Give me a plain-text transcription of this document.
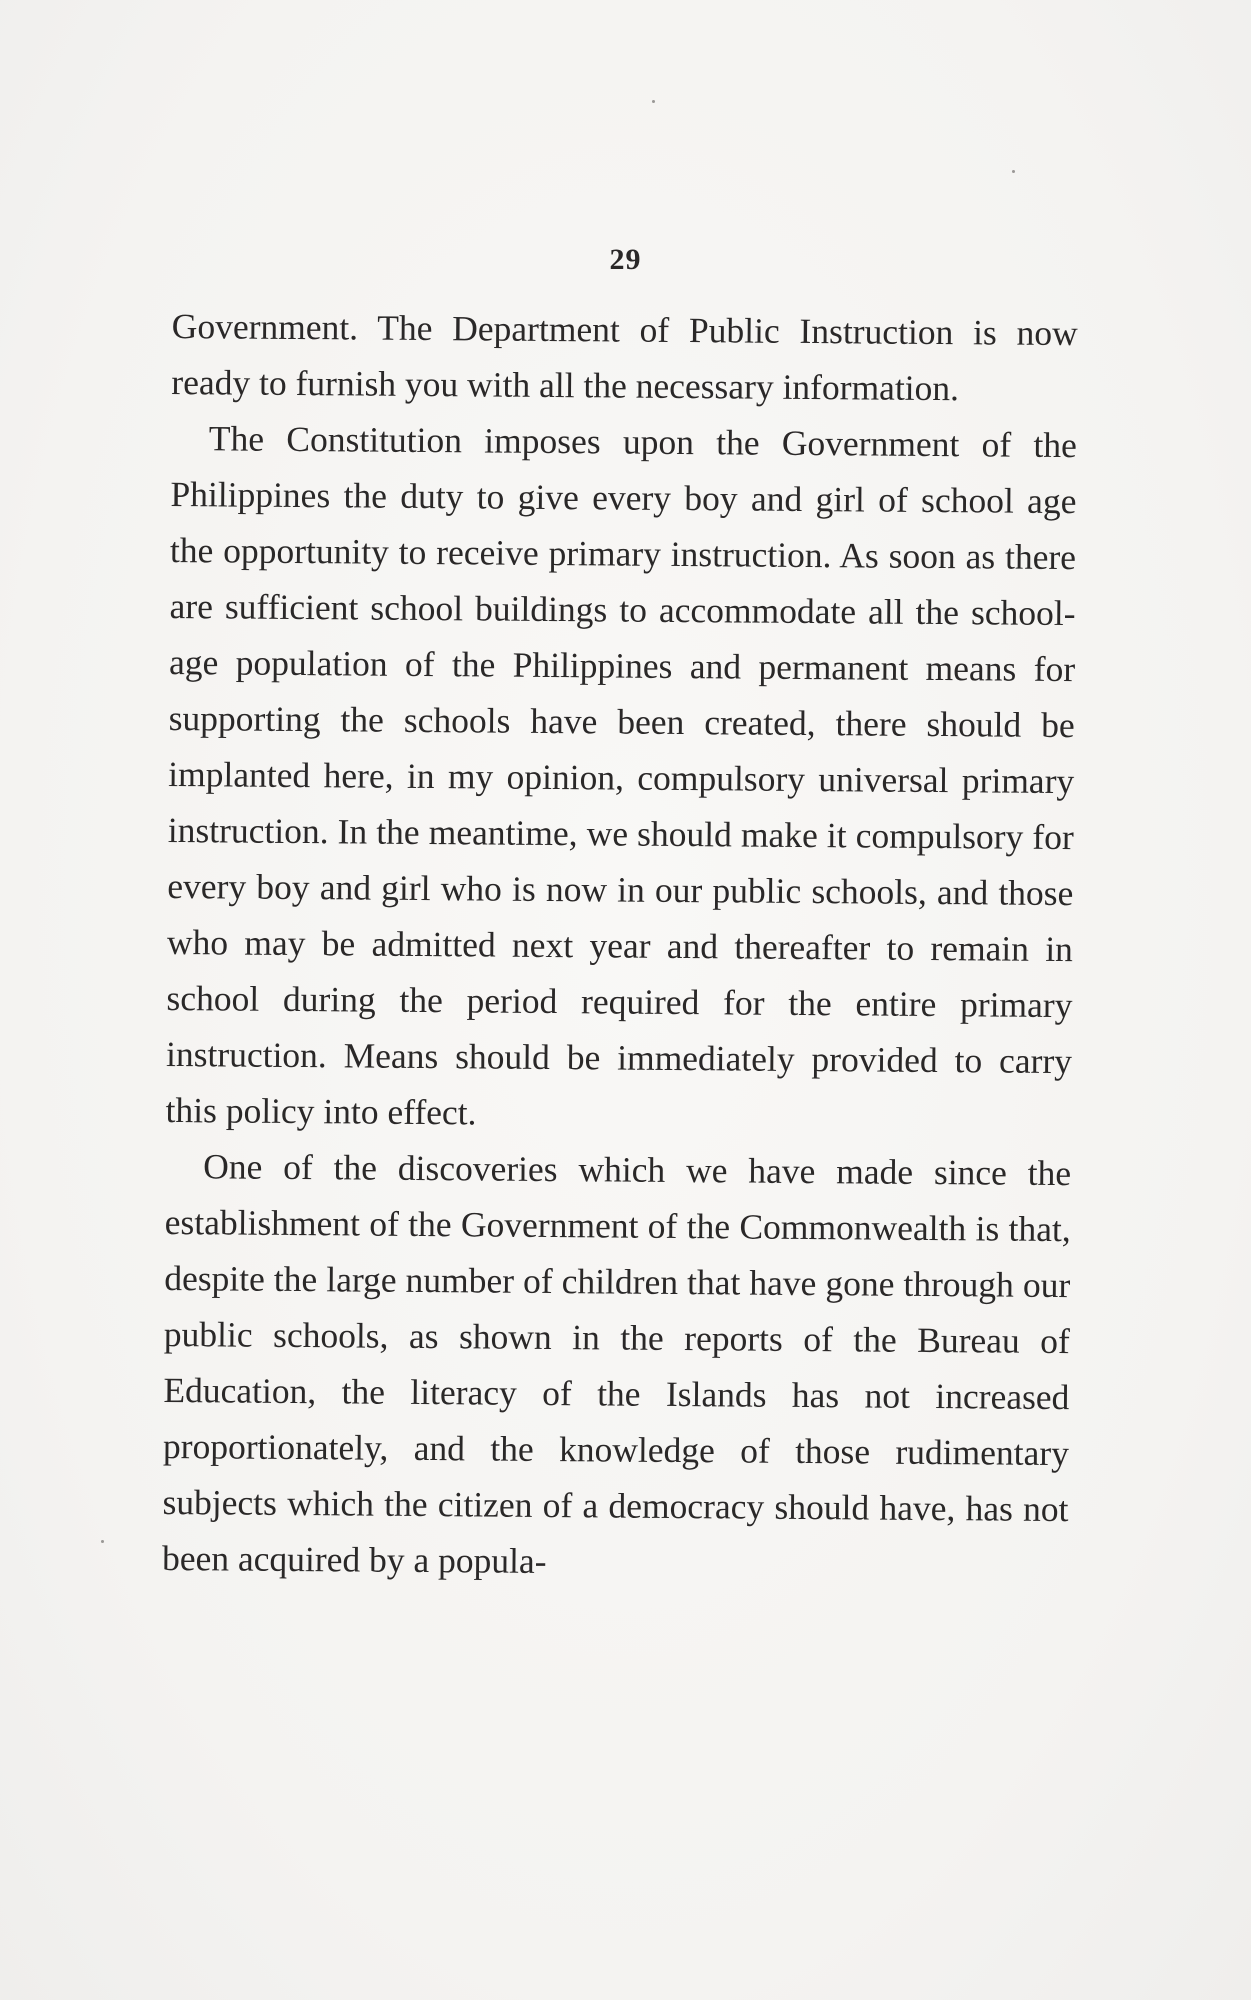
29

Government. The Department of Public Instruction is now ready to furnish you with all the necessary information.

The Constitution imposes upon the Government of the Philippines the duty to give every boy and girl of school age the opportunity to receive primary instruction. As soon as there are sufficient school buildings to accommodate all the school-age population of the Philippines and permanent means for supporting the schools have been created, there should be implanted here, in my opinion, compulsory universal primary instruction. In the meantime, we should make it compulsory for every boy and girl who is now in our public schools, and those who may be admitted next year and thereafter to remain in school during the period required for the entire primary instruction. Means should be immediately provided to carry this policy into effect.

One of the discoveries which we have made since the establishment of the Government of the Commonwealth is that, despite the large number of children that have gone through our public schools, as shown in the reports of the Bureau of Education, the literacy of the Islands has not increased proportionately, and the knowledge of those rudimentary subjects which the citizen of a democracy should have, has not been acquired by a popula-
